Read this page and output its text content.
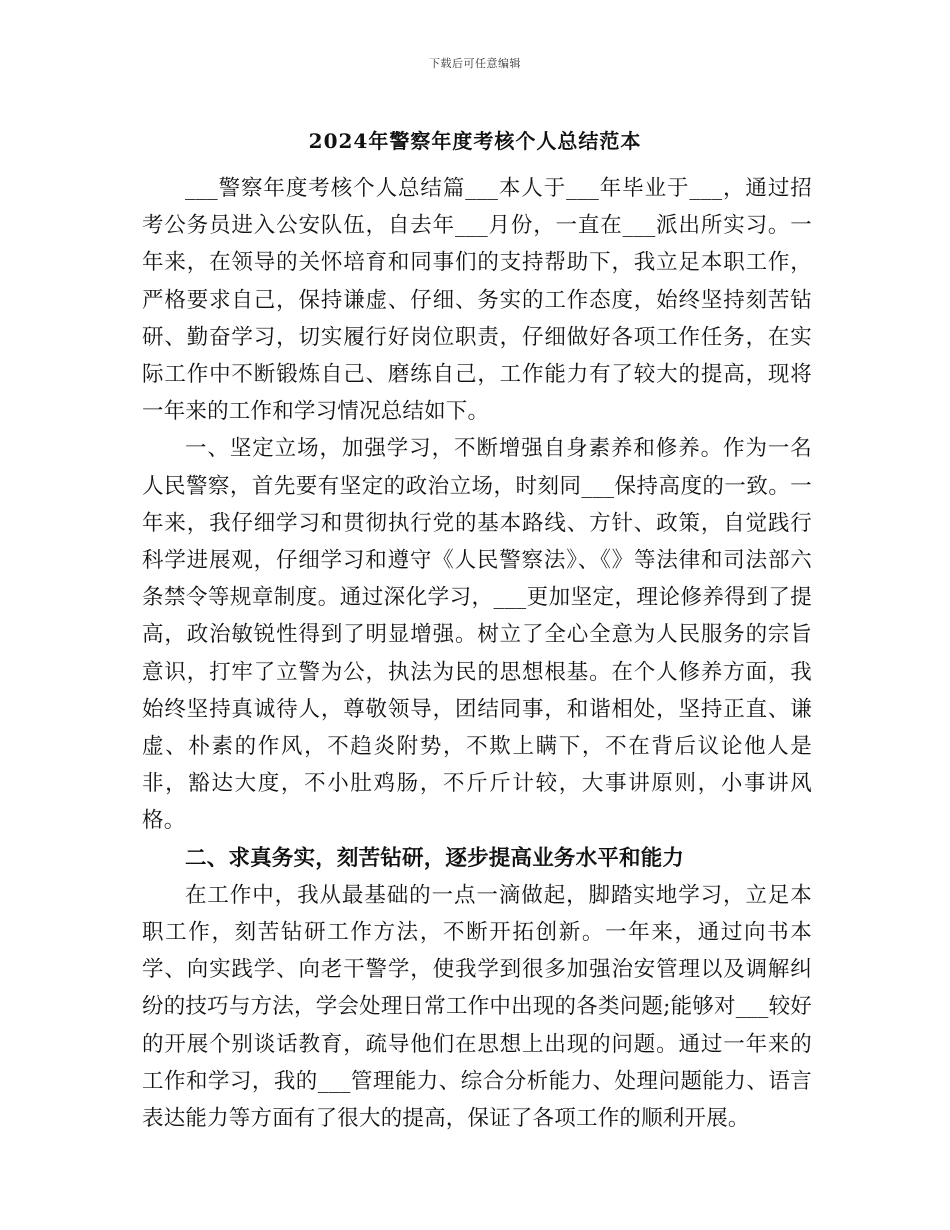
下载后可任意编辑
2024年警察年度考核个人总结范本

___警察年度考核个人总结篇___本人于___年毕业于___，通过招考公务员进入公安队伍，自去年___月份，一直在___派出所实习。一年来，在领导的关怀培育和同事们的支持帮助下，我立足本职工作，严格要求自己，保持谦虚、仔细、务实的工作态度，始终坚持刻苦钻研、勤奋学习，切实履行好岗位职责，仔细做好各项工作任务，在实际工作中不断锻炼自己、磨练自己，工作能力有了较大的提高，现将一年来的工作和学习情况总结如下。

一、坚定立场，加强学习，不断增强自身素养和修养。作为一名人民警察，首先要有坚定的政治立场，时刻同___保持高度的一致。一年来，我仔细学习和贯彻执行党的基本路线、方针、政策，自觉践行科学进展观，仔细学习和遵守《人民警察法》、《》等法律和司法部六条禁令等规章制度。通过深化学习，___更加坚定，理论修养得到了提高，政治敏锐性得到了明显增强。树立了全心全意为人民服务的宗旨意识，打牢了立警为公，执法为民的思想根基。在个人修养方面，我始终坚持真诚待人，尊敬领导，团结同事，和谐相处，坚持正直、谦虚、朴素的作风，不趋炎附势，不欺上瞒下，不在背后议论他人是非，豁达大度，不小肚鸡肠，不斤斤计较，大事讲原则，小事讲风格。

二、求真务实，刻苦钻研，逐步提高业务水平和能力

在工作中，我从最基础的一点一滴做起，脚踏实地学习，立足本职工作，刻苦钻研工作方法，不断开拓创新。一年来，通过向书本学、向实践学、向老干警学，使我学到很多加强治安管理以及调解纠纷的技巧与方法，学会处理日常工作中出现的各类问题;能够对___较好的开展个别谈话教育，疏导他们在思想上出现的问题。通过一年来的工作和学习，我的___管理能力、综合分析能力、处理问题能力、语言表达能力等方面有了很大的提高，保证了各项工作的顺利开展。
